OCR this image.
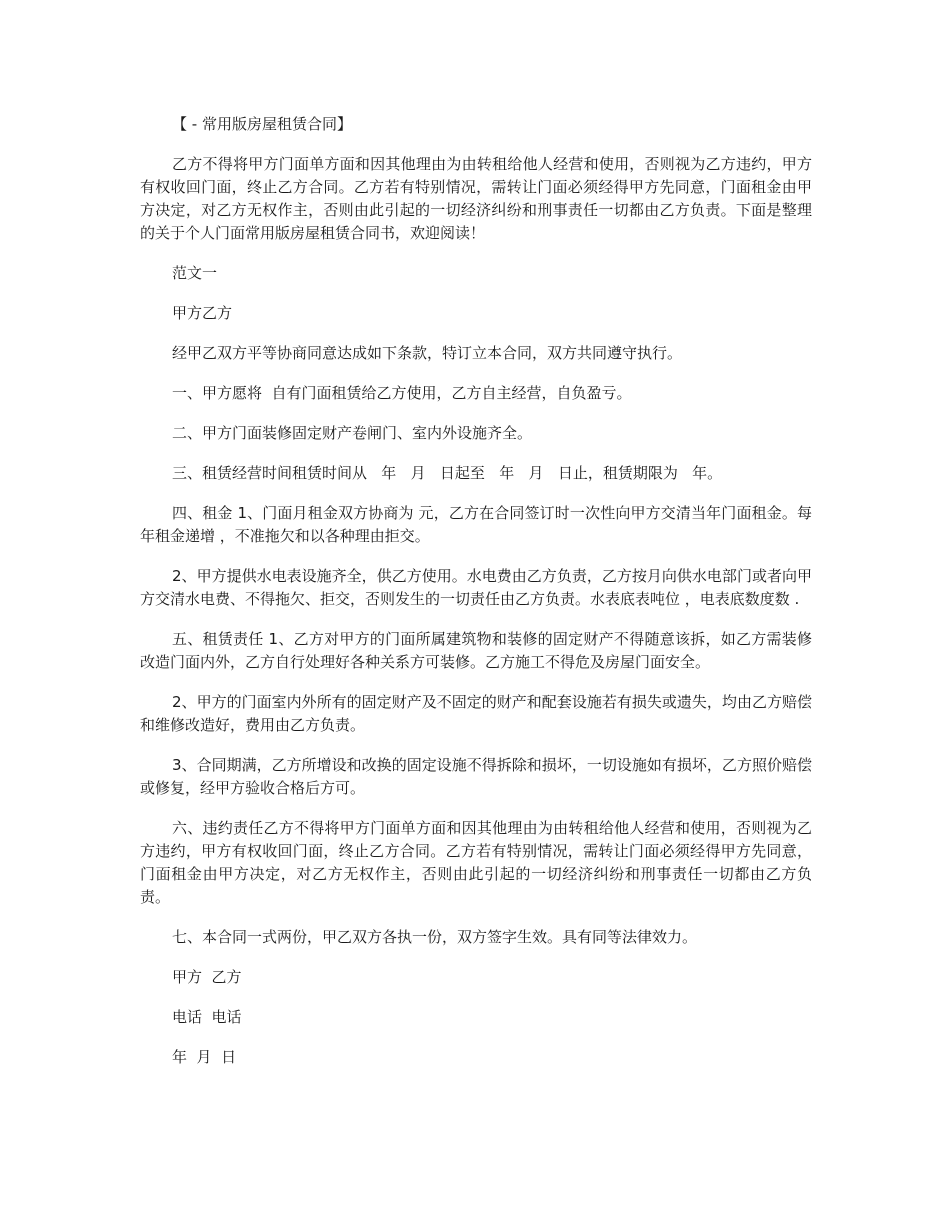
【 - 常用版房屋租赁合同】

乙方不得将甲方门面单方面和因其他理由为由转租给他人经营和使用，否则视为乙方违约，甲方有权收回门面，终止乙方合同。乙方若有特别情况，需转让门面必须经得甲方先同意，门面租金由甲方决定，对乙方无权作主，否则由此引起的一切经济纠纷和刑事责任一切都由乙方负责。下面是整理的关于个人门面常用版房屋租赁合同书，欢迎阅读！

范文一

甲方乙方

经甲乙双方平等协商同意达成如下条款，特订立本合同，双方共同遵守执行。

一、甲方愿将  自有门面租赁给乙方使用，乙方自主经营，自负盈亏。

二、甲方门面装修固定财产卷闸门、室内外设施齐全。

三、租赁经营时间租赁时间从   年   月   日起至   年   月   日止，租赁期限为   年。

四、租金 1、门面月租金双方协商为 元，乙方在合同签订时一次性向甲方交清当年门面租金。每年租金递增 ，不准拖欠和以各种理由拒交。

2、甲方提供水电表设施齐全，供乙方使用。水电费由乙方负责，乙方按月向供水电部门或者向甲方交清水电费、不得拖欠、拒交，否则发生的一切责任由乙方负责。水表底表吨位 ，电表底数度数 .

五、租赁责任 1、乙方对甲方的门面所属建筑物和装修的固定财产不得随意该拆，如乙方需装修改造门面内外，乙方自行处理好各种关系方可装修。乙方施工不得危及房屋门面安全。

2、甲方的门面室内外所有的固定财产及不固定的财产和配套设施若有损失或遗失，均由乙方赔偿和维修改造好，费用由乙方负责。

3、合同期满，乙方所增设和改换的固定设施不得拆除和损坏，一切设施如有损坏，乙方照价赔偿或修复，经甲方验收合格后方可。

六、违约责任乙方不得将甲方门面单方面和因其他理由为由转租给他人经营和使用，否则视为乙方违约，甲方有权收回门面，终止乙方合同。乙方若有特别情况，需转让门面必须经得甲方先同意，门面租金由甲方决定，对乙方无权作主，否则由此引起的一切经济纠纷和刑事责任一切都由乙方负责。

七、本合同一式两份，甲乙双方各执一份，双方签字生效。具有同等法律效力。

甲方  乙方

电话  电话

年  月  日
